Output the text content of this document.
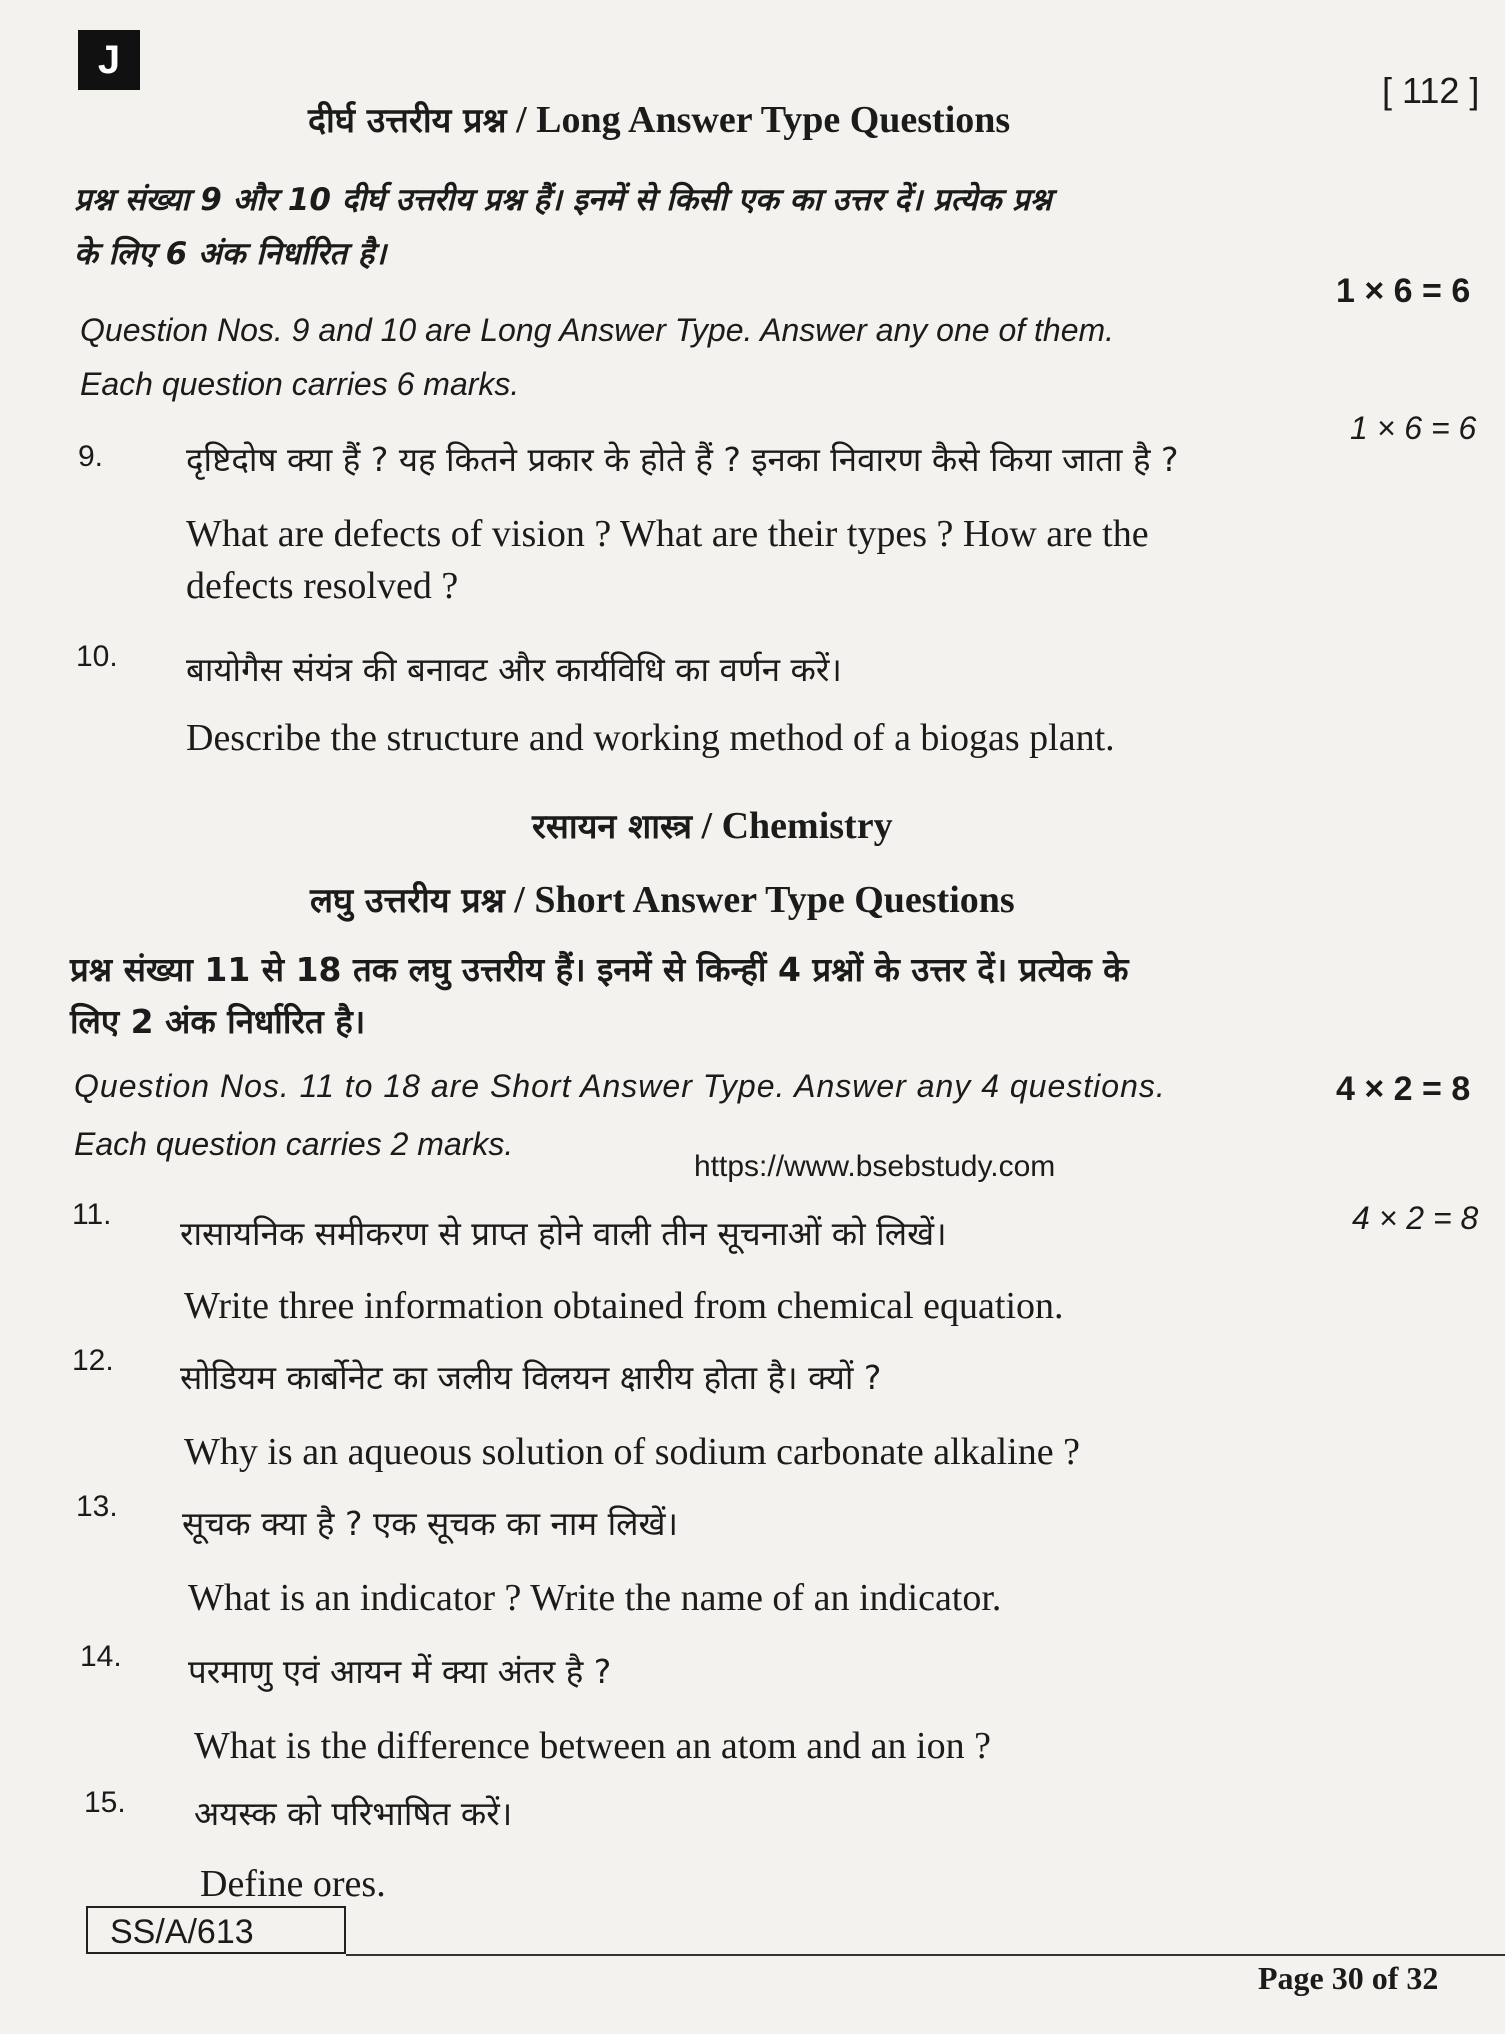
J
[ 112 ]
दीर्घ उत्तरीय प्रश्न / Long Answer Type Questions
प्रश्न संख्या 9 और 10 दीर्घ उत्तरीय प्रश्न हैं। इनमें से किसी एक का उत्तर दें। प्रत्येक प्रश्न
के लिए 6 अंक निर्धारित है।
1 × 6 = 6
Question Nos. 9 and 10 are Long Answer Type. Answer any one of them.
Each question carries 6 marks.
1 × 6 = 6
9.	दृष्टिदोष क्या हैं ? यह कितने प्रकार के होते हैं ? इनका निवारण कैसे किया जाता है ?
What are defects of vision ? What are their types ? How are the
defects resolved ?
10. बायोगैस संयंत्र की बनावट और कार्यविधि का वर्णन करें।
Describe the structure and working method of a biogas plant.
रसायन शास्त्र / Chemistry
लघु उत्तरीय प्रश्न / Short Answer Type Questions
प्रश्न संख्या 11 से 18 तक लघु उत्तरीय हैं। इनमें से किन्हीं 4 प्रश्नों के उत्तर दें। प्रत्येक के
लिए 2 अंक निर्धारित है।
4 × 2 = 8
Question Nos. 11 to 18 are Short Answer Type. Answer any 4 questions.
Each question carries 2 marks.
https://www.bsebstudy.com
4 × 2 = 8
11. रासायनिक समीकरण से प्राप्त होने वाली तीन सूचनाओं को लिखें।
Write three information obtained from chemical equation.
12. सोडियम कार्बोनेट का जलीय विलयन क्षारीय होता है। क्यों ?
Why is an aqueous solution of sodium carbonate alkaline ?
13. सूचक क्या है ? एक सूचक का नाम लिखें।
What is an indicator ? Write the name of an indicator.
14. परमाणु एवं आयन में क्या अंतर है ?
What is the difference between an atom and an ion ?
15. अयस्क को परिभाषित करें।
Define ores.
SS/A/613
Page 30 of 32
